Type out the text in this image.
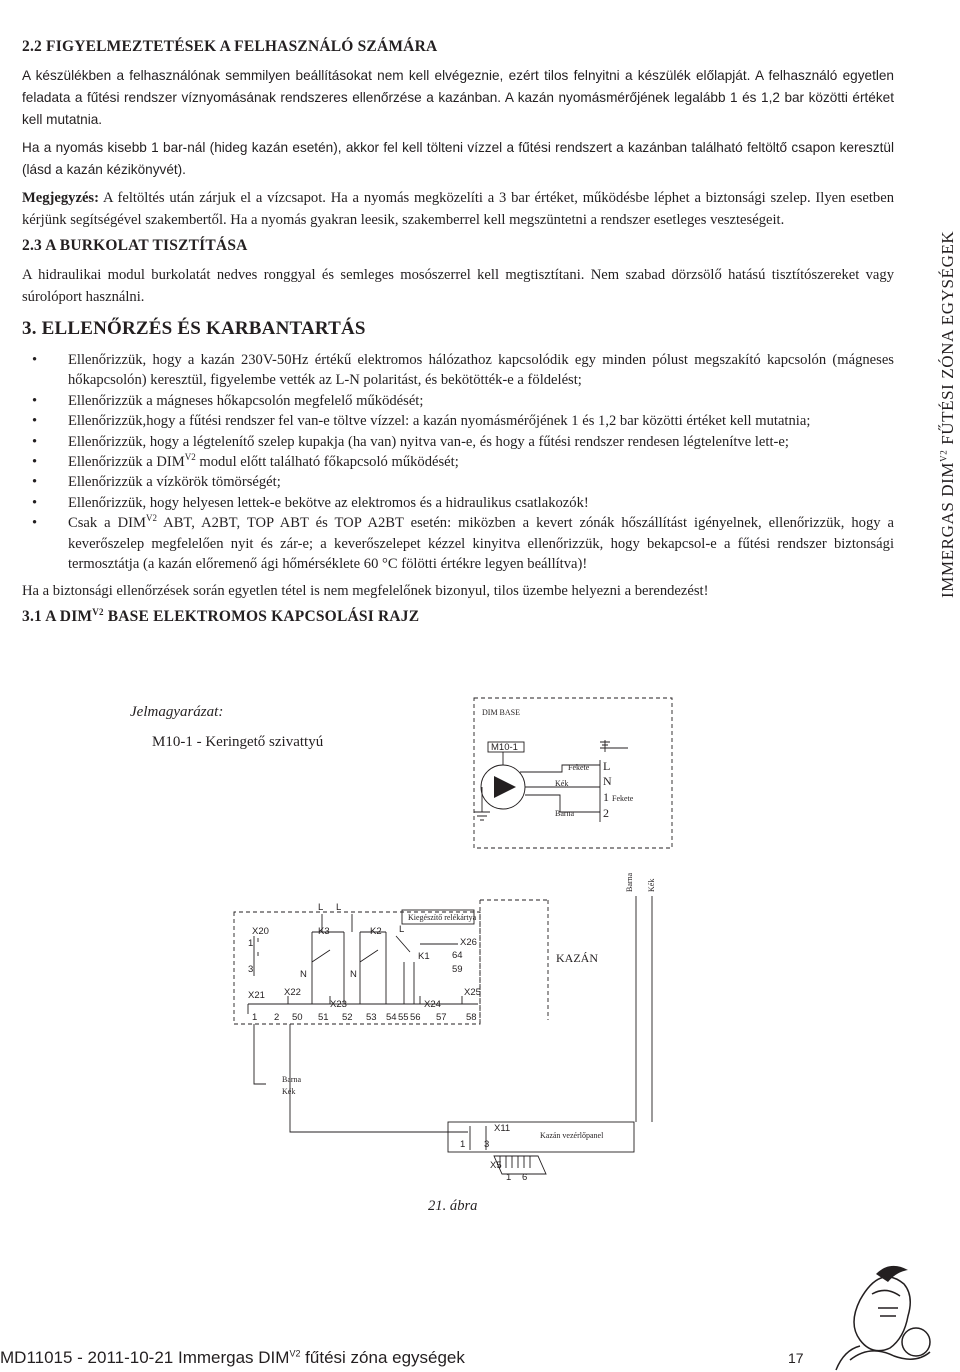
IMMERGAS $DIM^{V2}$ FŰTÉSI ZÓNA EGYSÉGEK
2.2 FIGYELMEZTETÉSEK A FELHASZNÁLÓ SZÁMÁRA

A készülékben a felhasználónak semmilyen beállításokat nem kell elvégeznie, ezért tilos felnyitni a készülék előlapját. A felhasználó egyetlen feladata a fűtési rendszer víznyomásának rendszeres ellenőrzése a kazánban. A kazán nyomásmérőjének legalább 1 és 1,2 bar közötti értéket kell mutatnia.

Ha a nyomás kisebb 1 bar-nál (hideg kazán esetén), akkor fel kell tölteni vízzel a fűtési rendszert a kazánban található feltöltő csapon keresztül (lásd a kazán kézikönyvét).

Megjegyzés: A feltöltés után zárjuk el a vízcsapot. Ha a nyomás megközelíti a 3 bar értéket, működésbe léphet a biztonsági szelep. Ilyen esetben kérjünk segítségével szakembertől. Ha a nyomás gyakran leesik, szakemberrel kell megszüntetni a rendszer esetleges veszteségeit.

2.3 A BURKOLAT TISZTÍTÁSA

A hidraulikai modul burkolatát nedves ronggyal és semleges mosószerrel kell megtisztítani. Nem szabad dörzsölő hatású tisztítószereket vagy súrolóport használni.

3. ELLENŐRZÉS ÉS KARBANTARTÁS
• Ellenőrizzük, hogy a kazán 230V-50Hz értékű elektromos hálózathoz kapcsolódik egy minden pólust megszakító kapcsolón (mágneses hőkapcsolón) keresztül, figyelembe vették az L-N polaritást, és bekötötték-e a földelést;
• Ellenőrizzük a mágneses hőkapcsolón megfelelő működését;
• Ellenőrizzük,hogy a fűtési rendszer fel van-e töltve vízzel: a kazán nyomásmérőjének 1 és 1,2 bar közötti értéket kell mutatnia;
• Ellenőrizzük, hogy a légtelenítő szelep kupakja (ha van) nyitva van-e, és hogy a fűtési rendszer rendesen légtelenítve lett-e;
• Ellenőrizzük a $DIM^{V2}$ modul előtt található főkapcsoló működését;
• Ellenőrizzük a vízkörök tömörségét;
• Ellenőrizzük, hogy helyesen lettek-e bekötve az elektromos és a hidraulikus csatlakozók!
• Csak a $DIM^{V2}$ ABT, A2BT, TOP ABT és TOP A2BT esetén: miközben a kevert zónák hőszállítást igényelnek, ellenőrizzük, hogy a keverőszelep megfelelően nyit és zár-e; a keverőszelepet kézzel kinyitva ellenőrizzük, hogy bekapcsol-e a fűtési rendszer biztonsági termosztátja (a kazán előremenő ági hőmérséklete 60 °C fölötti értékre legyen beállítva)!

Ha a biztonsági ellenőrzések során egyetlen tétel is nem megfelelőnek bizonyul, tilos üzembe helyezni a berendezést!

3.1 A $DIM^{V2}$ BASE ELEKTROMOS KAPCSOLÁSI RAJZ
Jelmagyarázat:
M10-1 - Keringető szivattyú
DIM BASE
M10-1
Fekete
Kék
Barna
L
N
1 Fekete
2
Kiegészítő relékártya
KAZÁN
Kazán vezérlőpanel
Barna Kék
L L
L
N	N
X20
1
3
K3	K2
K1
X26
64
59
X22
X21
X23	X24
X25
1 2 50 51 52 53 54 55 56 57 58
Barna
Kék
1 3
X11
X5
1 6
21. ábra
MD11015 - 2011-10-21 Immergas $DIM^{V2}$ fűtési zóna egységek	17
